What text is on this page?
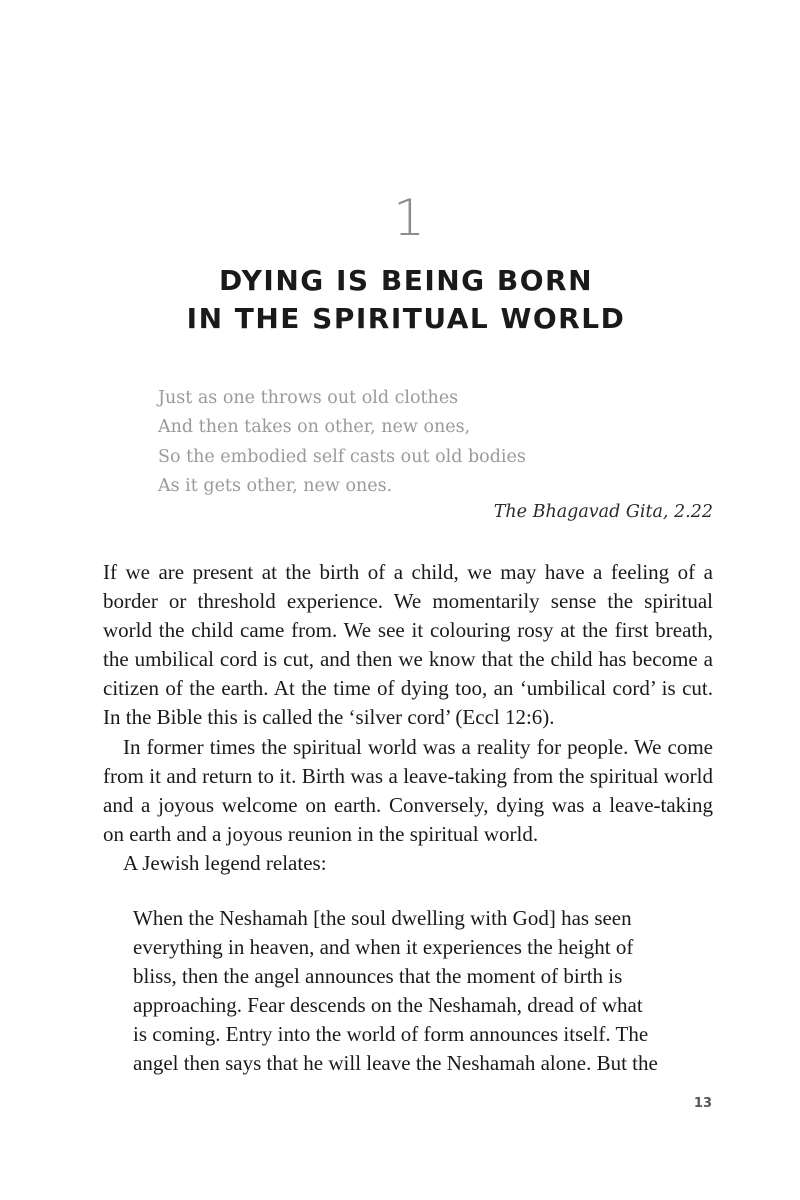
1
DYING IS BEING BORN
IN THE SPIRITUAL WORLD
Just as one throws out old clothes
And then takes on other, new ones,
So the embodied self casts out old bodies
As it gets other, new ones.
The Bhagavad Gita, 2.22

If we are present at the birth of a child, we may have a feeling of a border or threshold experience. We momentarily sense the spiritual world the child came from. We see it colouring rosy at the first breath, the umbilical cord is cut, and then we know that the child has become a citizen of the earth. At the time of dying too, an ‘umbilical cord’ is cut. In the Bible this is called the ‘silver cord’ (Eccl 12:6).

In former times the spiritual world was a reality for people. We come from it and return to it. Birth was a leave-taking from the spiritual world and a joyous welcome on earth. Conversely, dying was a leave-taking on earth and a joyous reunion in the spiritual world.

A Jewish legend relates:

When the Neshamah [the soul dwelling with God] has seen
everything in heaven, and when it experiences the height of
bliss, then the angel announces that the moment of birth is
approaching. Fear descends on the Neshamah, dread of what
is coming. Entry into the world of form announces itself. The
angel then says that he will leave the Neshamah alone. But the
13
